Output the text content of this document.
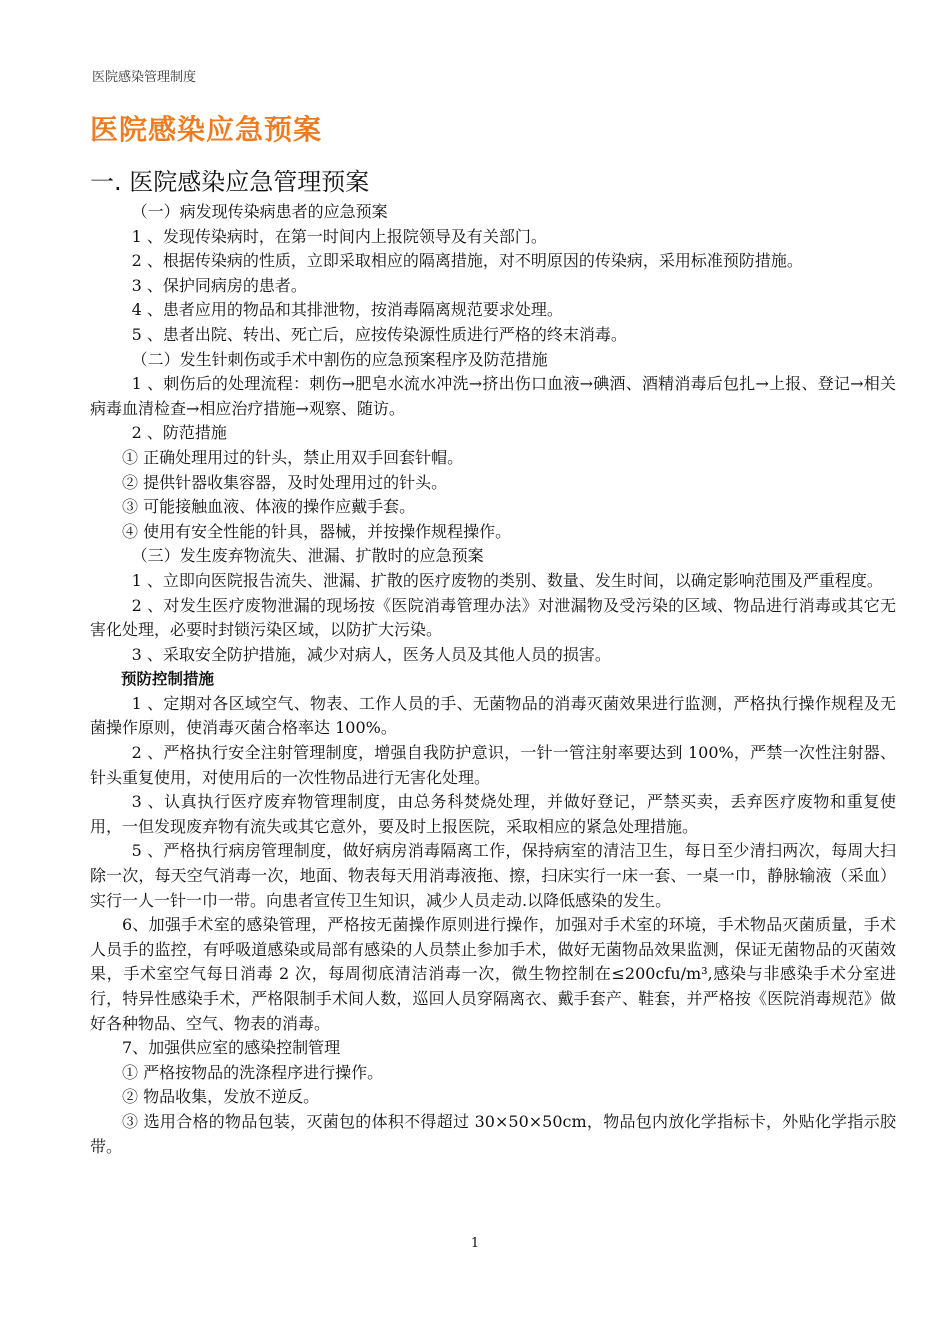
医院感染管理制度
医院感染应急预案
一. 医院感染应急管理预案

（一）病发现传染病患者的应急预案

1 、发现传染病时，在第一时间内上报院领导及有关部门。

2 、根据传染病的性质，立即采取相应的隔离措施，对不明原因的传染病，采用标准预防措施。

3 、保护同病房的患者。

4 、患者应用的物品和其排泄物，按消毒隔离规范要求处理。

5 、患者出院、转出、死亡后，应按传染源性质进行严格的终末消毒。

（二）发生针刺伤或手术中割伤的应急预案程序及防范措施

1 、刺伤后的处理流程：刺伤→肥皂水流水冲洗→挤出伤口血液→碘酒、酒精消毒后包扎→上报、登记→相关病毒血清检查→相应治疗措施→观察、随访。

2 、防范措施

① 正确处理用过的针头，禁止用双手回套针帽。

② 提供针器收集容器，及时处理用过的针头。

③ 可能接触血液、体液的操作应戴手套。

④ 使用有安全性能的针具，器械，并按操作规程操作。

（三）发生废弃物流失、泄漏、扩散时的应急预案

1 、立即向医院报告流失、泄漏、扩散的医疗废物的类别、数量、发生时间，以确定影响范围及严重程度。

2 、对发生医疗废物泄漏的现场按《医院消毒管理办法》对泄漏物及受污染的区域、物品进行消毒或其它无害化处理，必要时封锁污染区域，以防扩大污染。

3 、采取安全防护措施，减少对病人，医务人员及其他人员的损害。

预防控制措施

1 、定期对各区域空气、物表、工作人员的手、无菌物品的消毒灭菌效果进行监测，严格执行操作规程及无菌操作原则，使消毒灭菌合格率达 100%。

2 、严格执行安全注射管理制度，增强自我防护意识，一针一管注射率要达到 100%，严禁一次性注射器、针头重复使用，对使用后的一次性物品进行无害化处理。

3 、认真执行医疗废弃物管理制度，由总务科焚烧处理，并做好登记，严禁买卖，丢弃医疗废物和重复使用，一但发现废弃物有流失或其它意外，要及时上报医院，采取相应的紧急处理措施。

5 、严格执行病房管理制度，做好病房消毒隔离工作，保持病室的清洁卫生，每日至少清扫两次，每周大扫除一次，每天空气消毒一次，地面、物表每天用消毒液拖、擦，扫床实行一床一套、一桌一巾，静脉输液（采血）实行一人一针一巾一带。向患者宣传卫生知识，减少人员走动.以降低感染的发生。

6、加强手术室的感染管理，严格按无菌操作原则进行操作，加强对手术室的环境，手术物品灭菌质量，手术人员手的监控，有呼吸道感染或局部有感染的人员禁止参加手术，做好无菌物品效果监测，保证无菌物品的灭菌效果，手术室空气每日消毒 2 次，每周彻底清洁消毒一次，微生物控制在≤200cfu/m³,感染与非感染手术分室进行，特异性感染手术，严格限制手术间人数，巡回人员穿隔离衣、戴手套产、鞋套，并严格按《医院消毒规范》做好各种物品、空气、物表的消毒。

7、加强供应室的感染控制管理

① 严格按物品的洗涤程序进行操作。

② 物品收集，发放不逆反。

③ 选用合格的物品包装，灭菌包的体积不得超过 30×50×50cm，物品包内放化学指标卡，外贴化学指示胶带。

1
